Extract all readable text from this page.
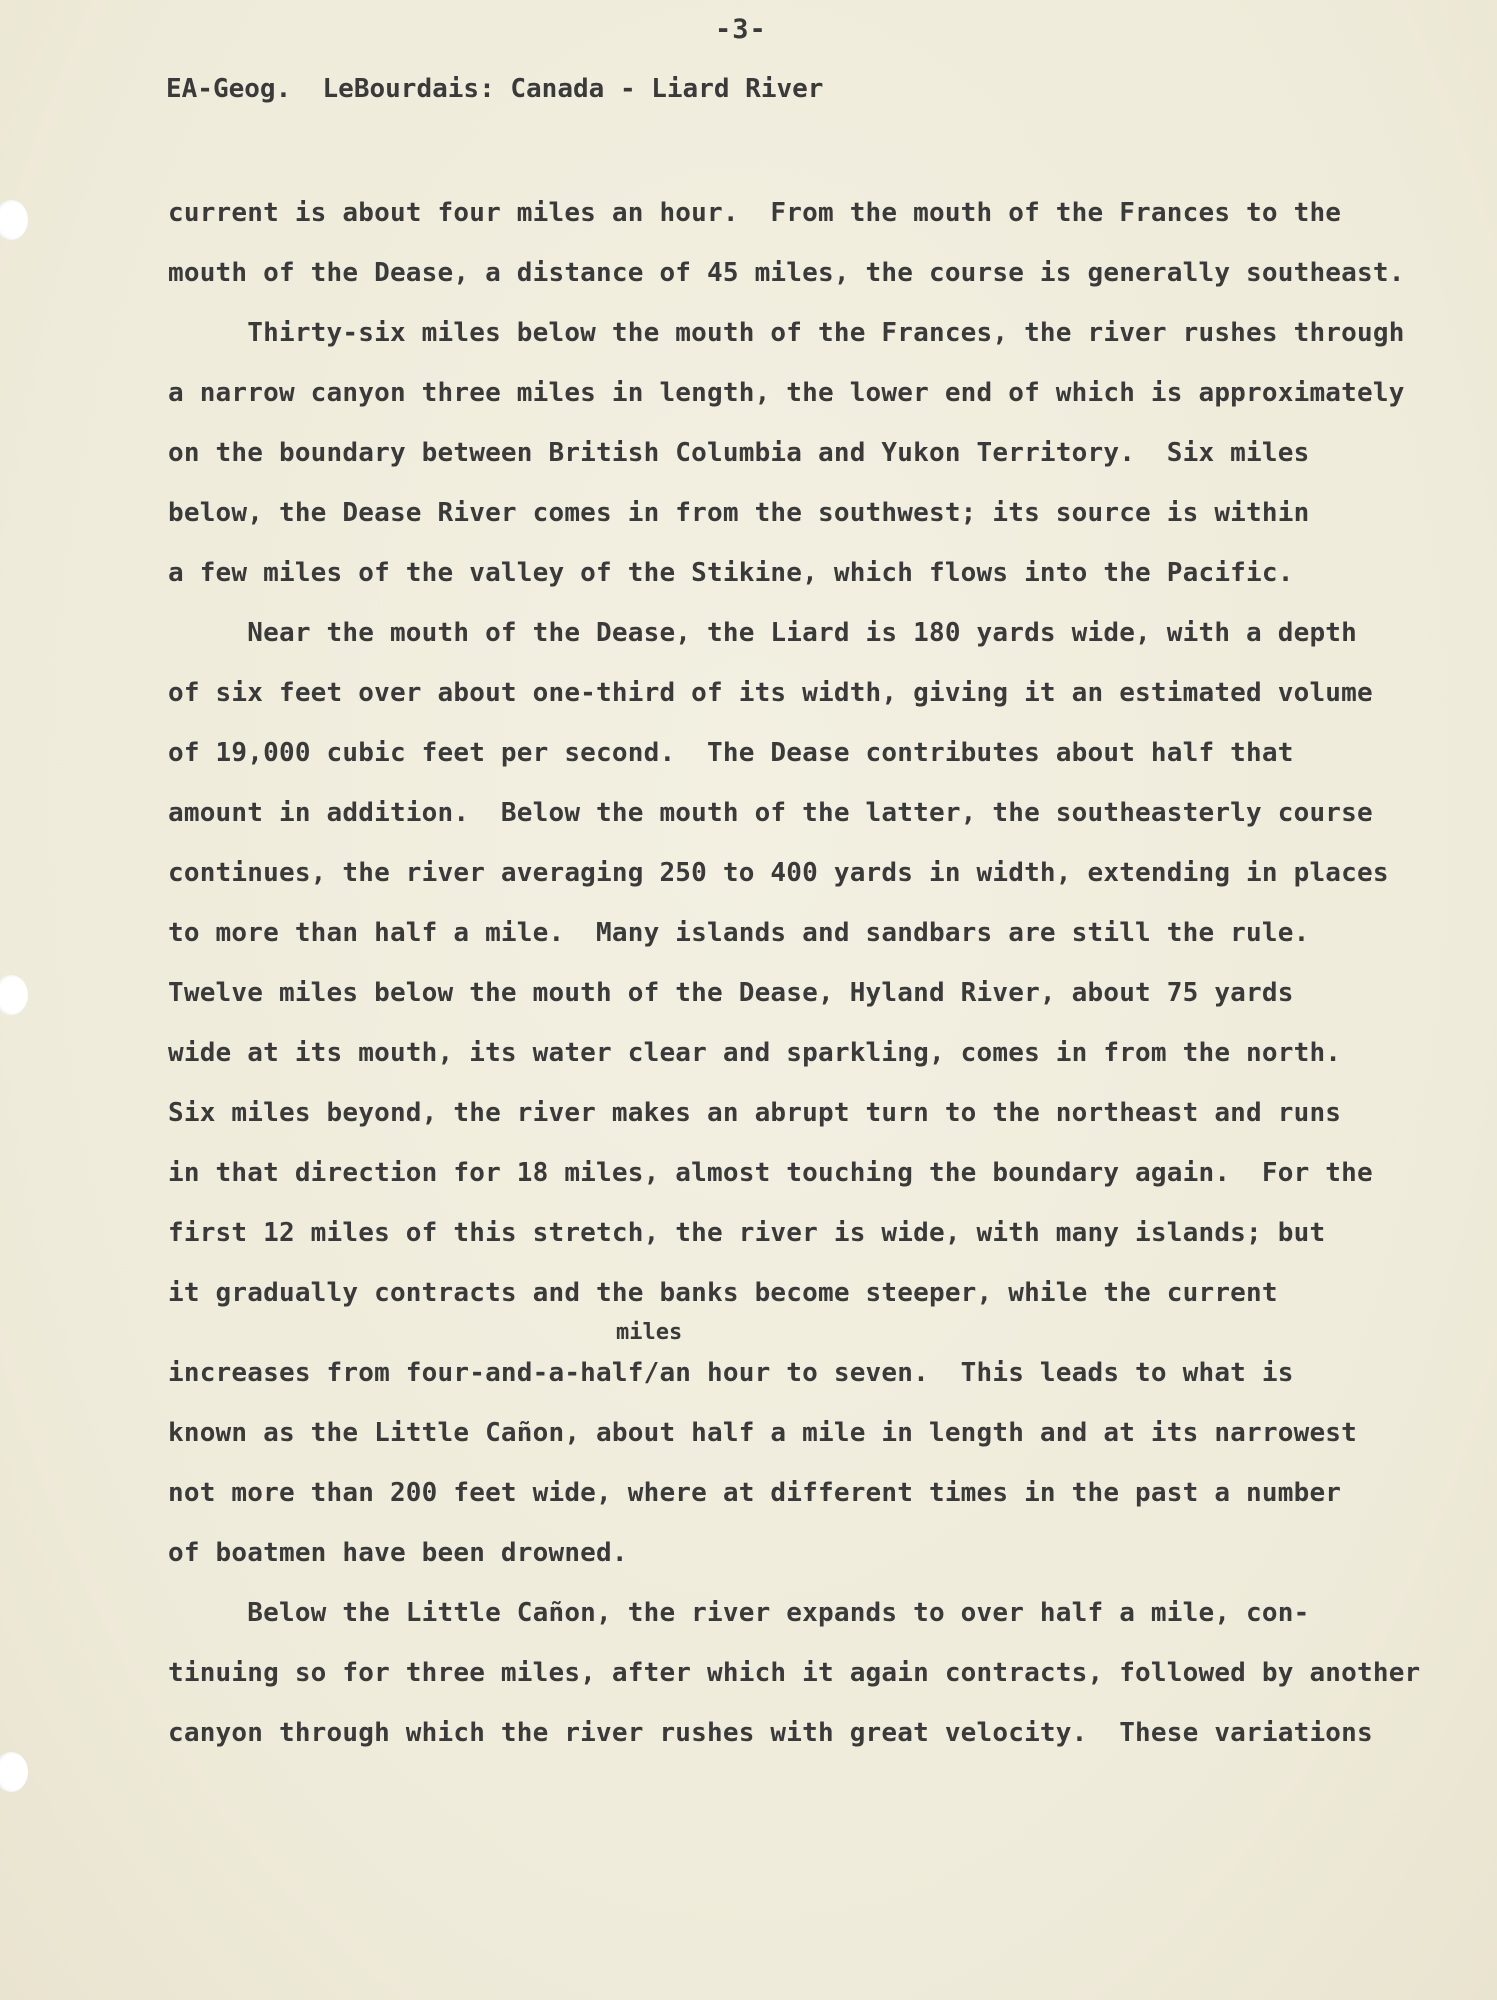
-3-
EA-Geog.  LeBourdais: Canada - Liard River
current is about four miles an hour.  From the mouth of the Frances to the
mouth of the Dease, a distance of 45 miles, the course is generally southeast.
Thirty-six miles below the mouth of the Frances, the river rushes through
a narrow canyon three miles in length, the lower end of which is approximately
on the boundary between British Columbia and Yukon Territory.  Six miles
below, the Dease River comes in from the southwest; its source is within
a few miles of the valley of the Stikine, which flows into the Pacific.
Near the mouth of the Dease, the Liard is 180 yards wide, with a depth
of six feet over about one-third of its width, giving it an estimated volume
of 19,000 cubic feet per second.  The Dease contributes about half that
amount in addition.  Below the mouth of the latter, the southeasterly course
continues, the river averaging 250 to 400 yards in width, extending in places
to more than half a mile.  Many islands and sandbars are still the rule.
Twelve miles below the mouth of the Dease, Hyland River, about 75 yards
wide at its mouth, its water clear and sparkling, comes in from the north.
Six miles beyond, the river makes an abrupt turn to the northeast and runs
in that direction for 18 miles, almost touching the boundary again.  For the
first 12 miles of this stretch, the river is wide, with many islands; but
it gradually contracts and the banks become steeper, while the current
miles
increases from four-and-a-half/an hour to seven.  This leads to what is
known as the Little Cañon, about half a mile in length and at its narrowest
not more than 200 feet wide, where at different times in the past a number
of boatmen have been drowned.
Below the Little Cañon, the river expands to over half a mile, con-
tinuing so for three miles, after which it again contracts, followed by another
canyon through which the river rushes with great velocity.  These variations
